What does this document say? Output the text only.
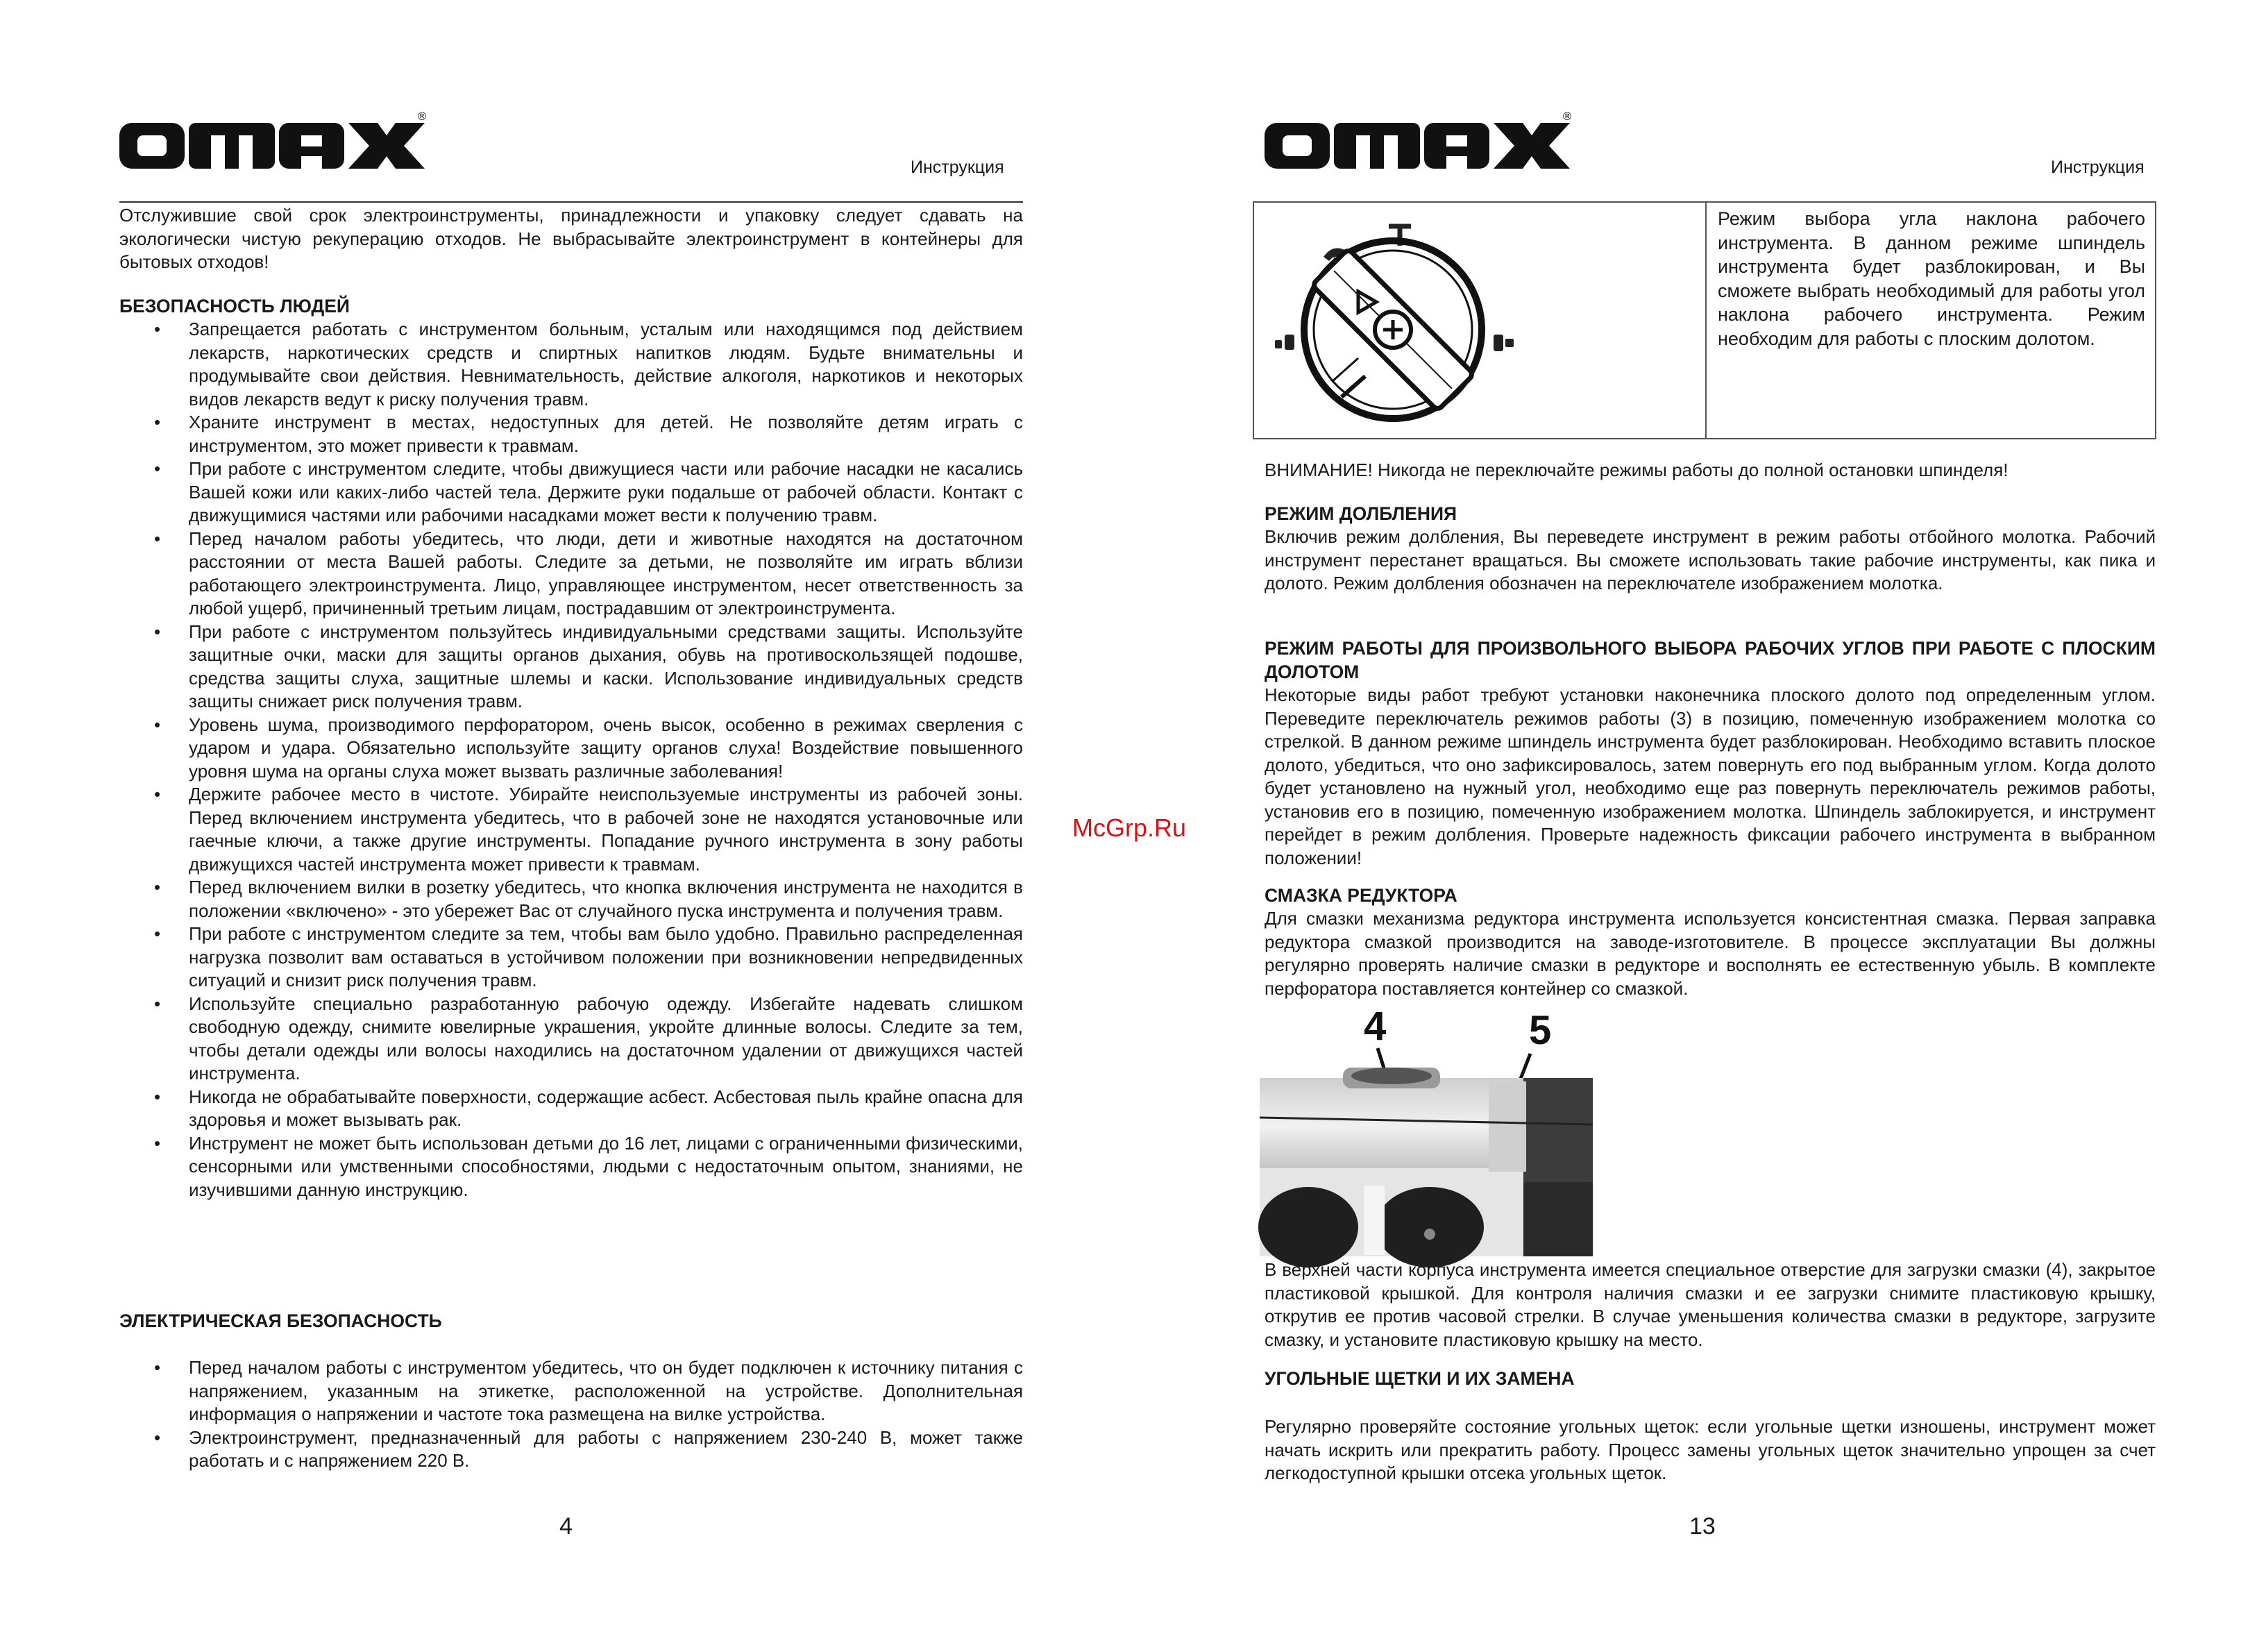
®
Инструкция
Отслужившие свой срок электроинструменты, принадлежности и упаковку следует сдавать на экологически чистую рекуперацию отходов. Не выбрасывайте электроинструмент в контейнеры для бытовых отходов!
БЕЗОПАСНОСТЬ ЛЮДЕЙ
• Запрещается работать с инструментом больным, усталым или находящимся под действием лекарств, наркотических средств и спиртных напитков людям. Будьте внимательны и продумывайте свои действия. Невнимательность, действие алкоголя, наркотиков и некоторых видов лекарств ведут к риску получения травм.
• Храните инструмент в местах, недоступных для детей. Не позволяйте детям играть с инструментом, это может привести к травмам.
• При работе с инструментом следите, чтобы движущиеся части или рабочие насадки не касались Вашей кожи или каких-либо частей тела. Держите руки подальше от рабочей области. Контакт с движущимися частями или рабочими насадками может вести к получению травм.
• Перед началом работы убедитесь, что люди, дети и животные находятся на достаточном расстоянии от места Вашей работы. Следите за детьми, не позволяйте им играть вблизи работающего электроинструмента. Лицо, управляющее инструментом, несет ответственность за любой ущерб, причиненный третьим лицам, пострадавшим от электроинструмента.
• При работе с инструментом пользуйтесь индивидуальными средствами защиты. Используйте защитные очки, маски для защиты органов дыхания, обувь на противоскользящей подошве, средства защиты слуха, защитные шлемы и каски. Использование индивидуальных средств защиты снижает риск получения травм.
• Уровень шума, производимого перфоратором, очень высок, особенно в режимах сверления с ударом и удара. Обязательно используйте защиту органов слуха! Воздействие повышенного уровня шума на органы слуха может вызвать различные заболевания!
• Держите рабочее место в чистоте. Убирайте неиспользуемые инструменты из рабочей зоны. Перед включением инструмента убедитесь, что в рабочей зоне не находятся установочные или гаечные ключи, а также другие инструменты. Попадание ручного инструмента в зону работы движущихся частей инструмента может привести к травмам.
• Перед включением вилки в розетку убедитесь, что кнопка включения инструмента не находится в положении «включено» - это убережет Вас от случайного пуска инструмента и получения травм.
• При работе с инструментом следите за тем, чтобы вам было удобно. Правильно распределенная нагрузка позволит вам оставаться в устойчивом положении при возникновении непредвиденных ситуаций и снизит риск получения травм.
• Используйте специально разработанную рабочую одежду. Избегайте надевать слишком свободную одежду, снимите ювелирные украшения, укройте длинные волосы. Следите за тем, чтобы детали одежды или волосы находились на достаточном удалении от движущихся частей инструмента.
• Никогда не обрабатывайте поверхности, содержащие асбест. Асбестовая пыль крайне опасна для здоровья и может вызывать рак.
• Инструмент не может быть использован детьми до 16 лет, лицами с ограниченными физическими, сенсорными или умственными способностями, людьми с недостаточным опытом, знаниями, не изучившими данную инструкцию.
ЭЛЕКТРИЧЕСКАЯ БЕЗОПАСНОСТЬ
• Перед началом работы с инструментом убедитесь, что он будет подключен к источнику питания с напряжением, указанным на этикетке, расположенной на устройстве. Дополнительная информация о напряжении и частоте тока размещена на вилке устройства.
• Электроинструмент, предназначенный для работы с напряжением 230-240 В, может также работать и с напряжением 220 В.
4
McGrp.Ru
®
Инструкция

Режим выбора угла наклона рабочего инструмента. В данном режиме шпиндель инструмента будет разблокирован, и Вы сможете выбрать необходимый для работы угол наклона рабочего инструмента. Режим необходим для работы с плоским долотом.
ВНИМАНИЕ! Никогда не переключайте режимы работы до полной остановки шпинделя!
РЕЖИМ ДОЛБЛЕНИЯ
Включив режим долбления, Вы переведете инструмент в режим работы отбойного молотка. Рабочий инструмент перестанет вращаться. Вы сможете использовать такие рабочие инструменты, как пика и долото. Режим долбления обозначен на переключателе изображением молотка.
РЕЖИМ РАБОТЫ ДЛЯ ПРОИЗВОЛЬНОГО ВЫБОРА РАБОЧИХ УГЛОВ ПРИ РАБОТЕ С ПЛОСКИМ ДОЛОТОМ
Некоторые виды работ требуют установки наконечника плоского долото под определенным углом. Переведите переключатель режимов работы (3) в позицию, помеченную изображением молотка со стрелкой. В данном режиме шпиндель инструмента будет разблокирован. Необходимо вставить плоское долото, убедиться, что оно зафиксировалось, затем повернуть его под выбранным углом. Когда долото будет установлено на нужный угол, необходимо еще раз повернуть переключатель режимов работы, установив его в позицию, помеченную изображением молотка. Шпиндель заблокируется, и инструмент перейдет в режим долбления. Проверьте надежность фиксации рабочего инструмента в выбранном положении!
СМАЗКА РЕДУКТОРА
Для смазки механизма редуктора инструмента используется консистентная смазка. Первая заправка редуктора смазкой производится на заводе-изготовителе. В процессе эксплуатации Вы должны регулярно проверять наличие смазки в редукторе и восполнять ее естественную убыль. В комплекте перфоратора поставляется контейнер со смазкой.
4	5
В верхней части корпуса инструмента имеется специальное отверстие для загрузки смазки (4), закрытое пластиковой крышкой. Для контроля наличия смазки и ее загрузки снимите пластиковую крышку, открутив ее против часовой стрелки. В случае уменьшения количества смазки в редукторе, загрузите смазку, и установите пластиковую крышку на место.
УГОЛЬНЫЕ ЩЕТКИ И ИХ ЗАМЕНА
Регулярно проверяйте состояние угольных щеток: если угольные щетки изношены, инструмент может начать искрить или прекратить работу. Процесс замены угольных щеток значительно упрощен за счет легкодоступной крышки отсека угольных щеток.
13
